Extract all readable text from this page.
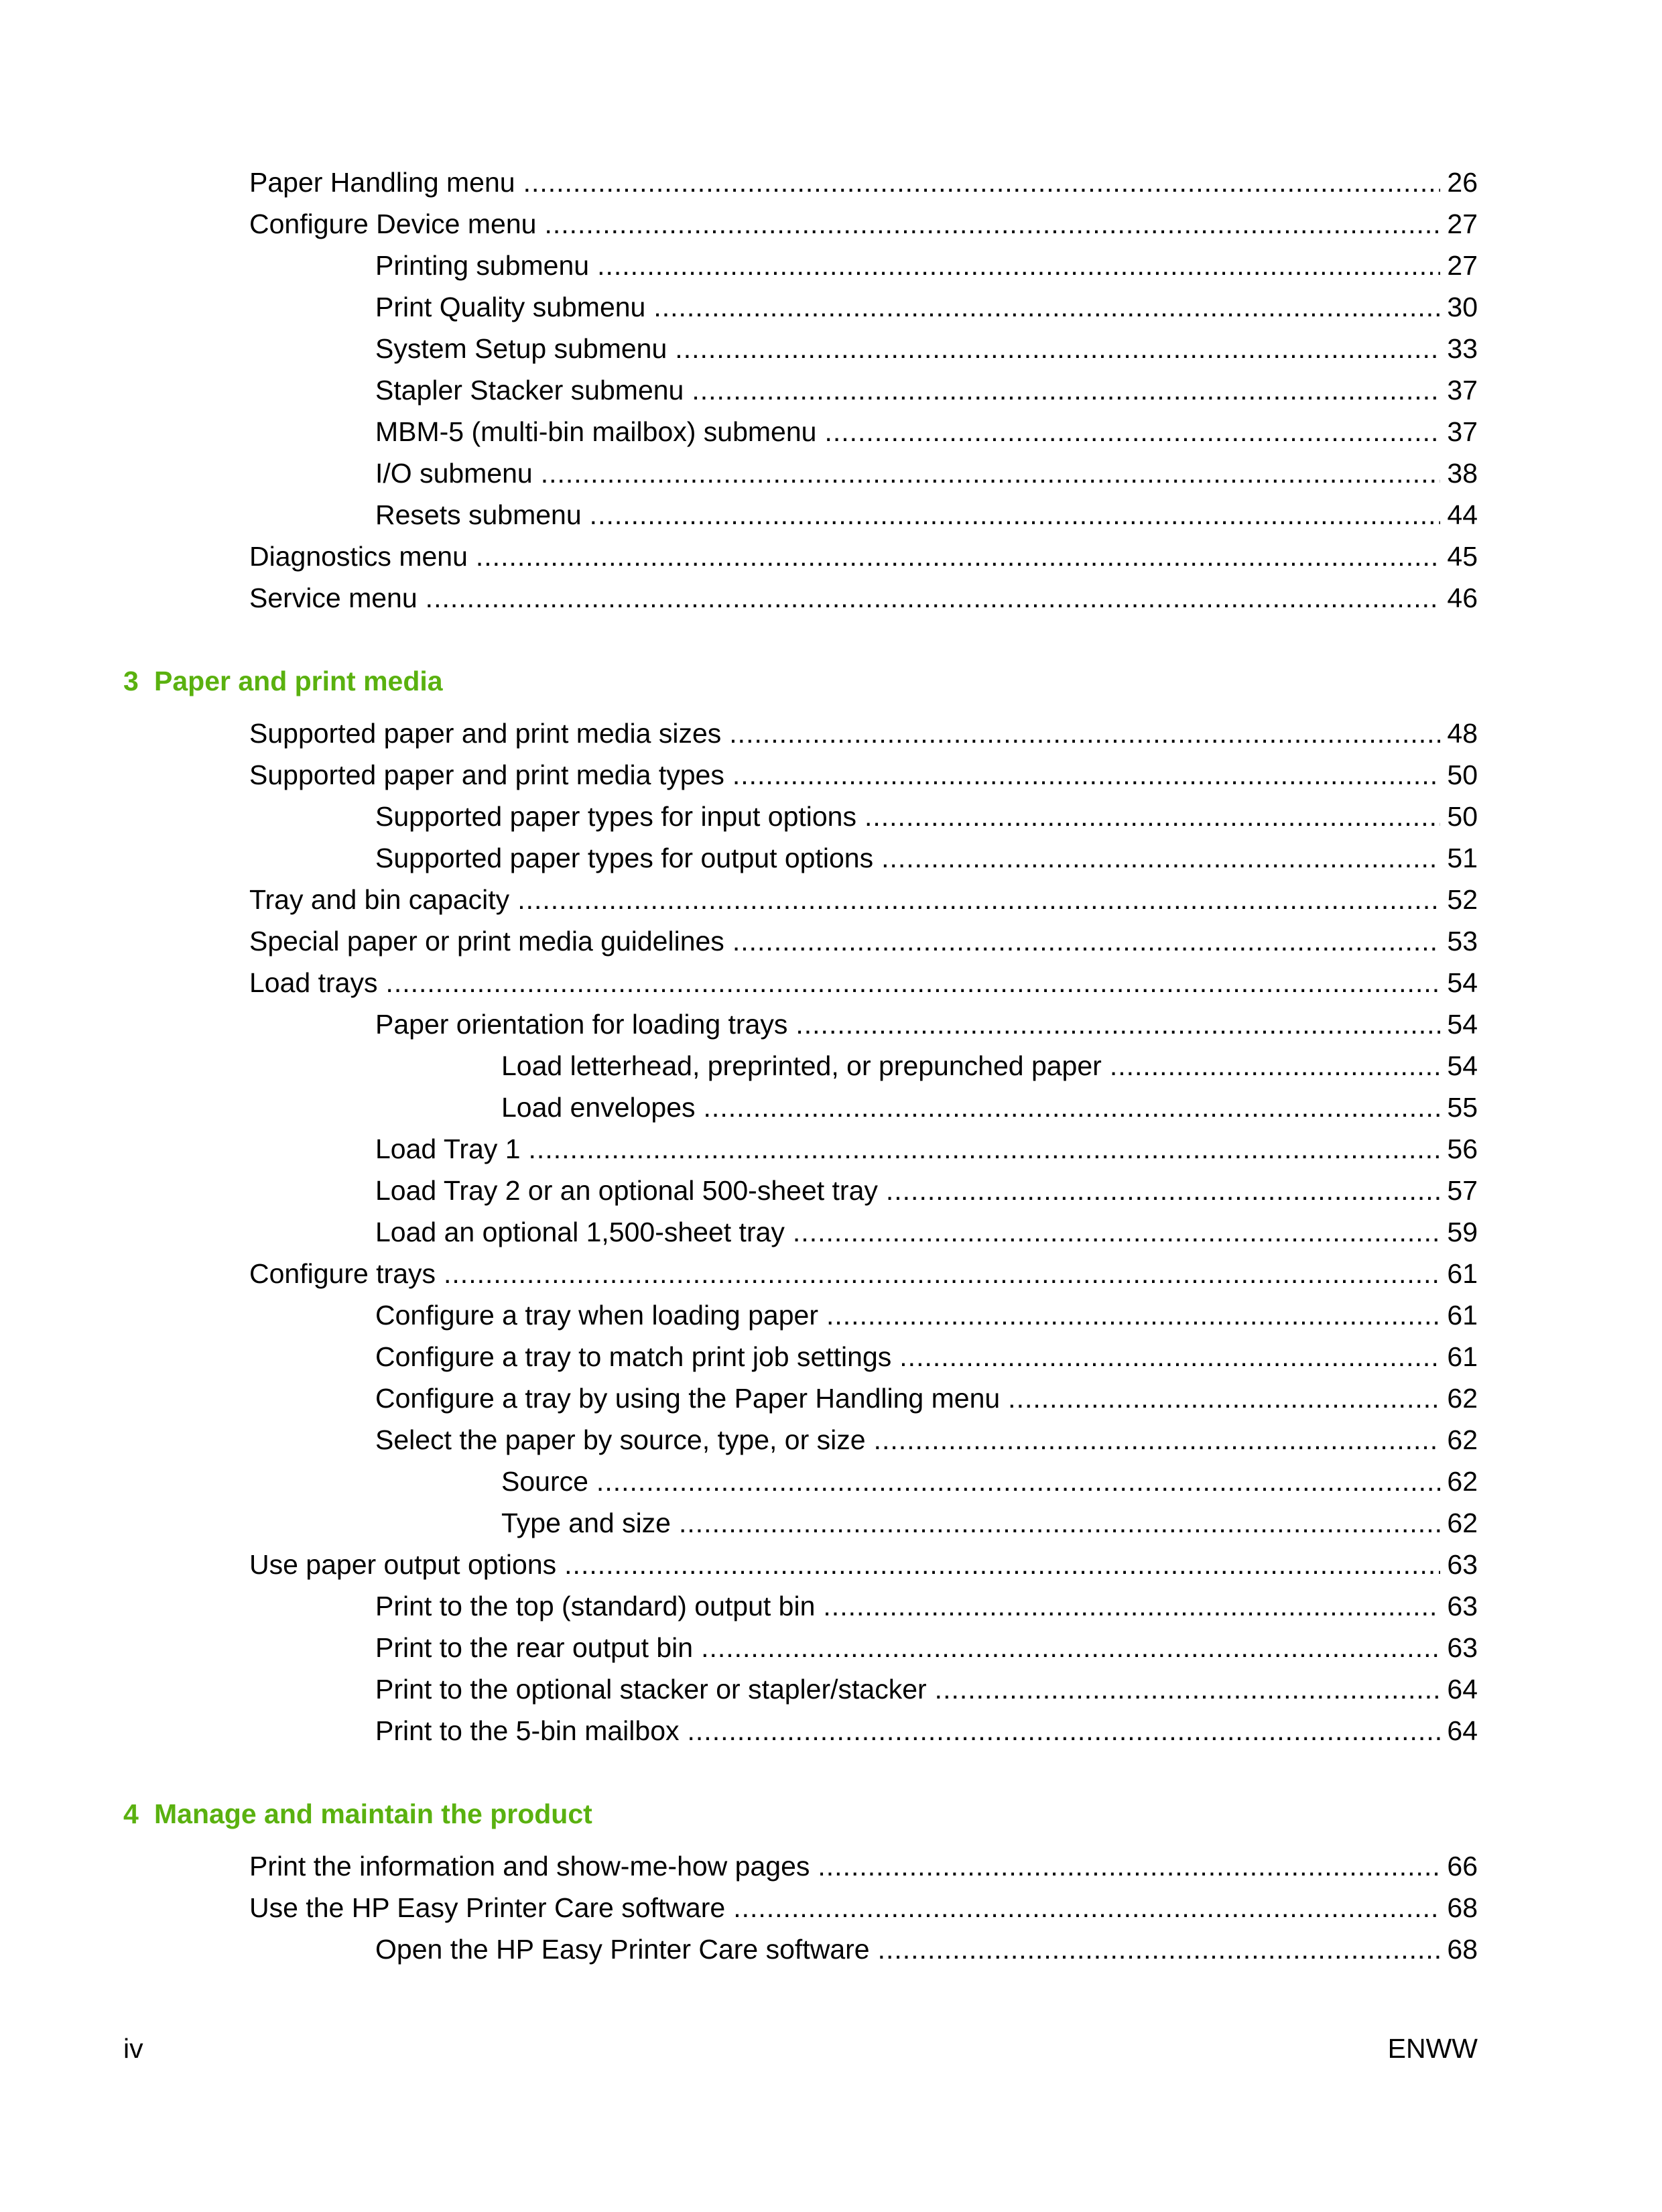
Paper Handling menu .....	26
Configure Device menu .....	27
Printing submenu .....	27
Print Quality submenu .....	30
System Setup submenu .....	33
Stapler Stacker submenu .....	37
MBM-5 (multi-bin mailbox) submenu .....	37
I/O submenu .....	38
Resets submenu .....	44
Diagnostics menu .....	45
Service menu .....	46
3 Paper and print media
Supported paper and print media sizes .....	48
Supported paper and print media types .....	50
Supported paper types for input options .....	50
Supported paper types for output options .....	51
Tray and bin capacity .....	52
Special paper or print media guidelines .....	53
Load trays .....	54
Paper orientation for loading trays .....	54
Load letterhead, preprinted, or prepunched paper .....	54
Load envelopes .....	55
Load Tray 1 .....	56
Load Tray 2 or an optional 500-sheet tray .....	57
Load an optional 1,500-sheet tray .....	59
Configure trays .....	61
Configure a tray when loading paper .....	61
Configure a tray to match print job settings .....	61
Configure a tray by using the Paper Handling menu .....	62
Select the paper by source, type, or size .....	62
Source .....	62
Type and size .....	62
Use paper output options .....	63
Print to the top (standard) output bin .....	63
Print to the rear output bin .....	63
Print to the optional stacker or stapler/stacker .....	64
Print to the 5-bin mailbox .....	64
4 Manage and maintain the product
Print the information and show-me-how pages .....	66
Use the HP Easy Printer Care software .....	68
Open the HP Easy Printer Care software .....	68
iv	ENWW
